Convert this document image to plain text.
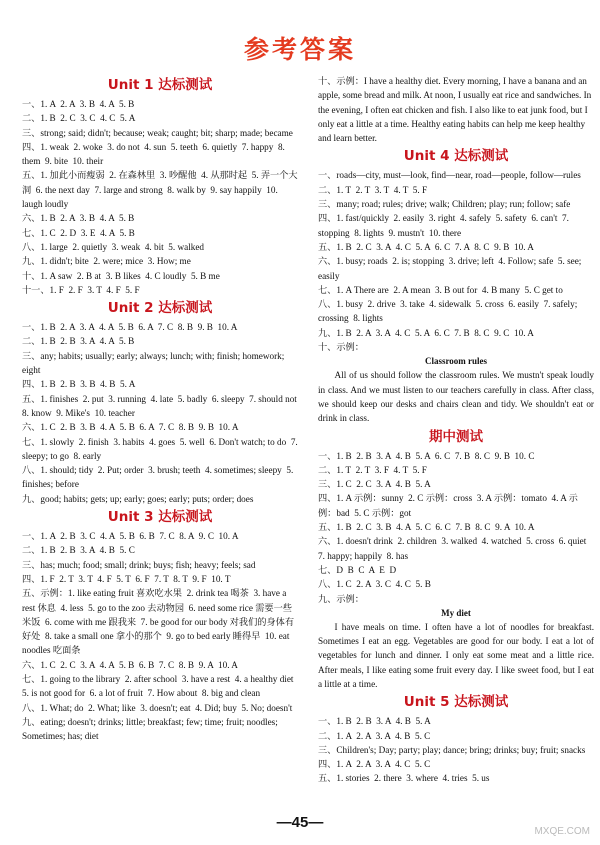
参考答案
Unit 1 达标测试
一、1. A  2. A  3. B  4. A  5. B
二、1. B  2. C  3. C  4. C  5. A
三、strong; said; didn't; because; weak; caught; bit; sharp; made; became
四、1. weak  2. woke  3. do not  4. sun  5. teeth  6. quietly  7. happy  8. them  9. bite  10. their
五、1. 加此小而瘦弱  2. 在森林里  3. 吵醒他  4. 从那时起  5. 弄一个大洞  6. the next day  7. large and strong  8. walk by  9. say happily  10. laugh loudly
六、1. B  2. A  3. B  4. A  5. B
七、1. C  2. D  3. E  4. A  5. B
八、1. large  2. quietly  3. weak  4. bit  5. walked
九、1. didn't; bite  2. were; mice  3. How; me
十、1. A saw  2. B at  3. B likes  4. C loudly  5. B me
十一、1. F  2. F  3. T  4. F  5. F
Unit 2 达标测试
一、1. B  2. A  3. A  4. A  5. B  6. A  7. C  8. B  9. B  10. A
二、1. B  2. B  3. A  4. A  5. B
三、any; habits; usually; early; always; lunch; with; finish; homework; eight
四、1. B  2. B  3. B  4. B  5. A
五、1. finishes  2. put  3. running  4. late  5. badly  6. sleepy  7. should not  8. know  9. Mike's  10. teacher
六、1. C  2. B  3. B  4. A  5. B  6. A  7. C  8. B  9. B  10. A
七、1. slowly  2. finish  3. habits  4. goes  5. well  6. Don't watch; to do  7. sleepy; to go  8. early
八、1. should; tidy  2. Put; order  3. brush; teeth  4. sometimes; sleepy  5. finishes; before
九、good; habits; gets; up; early; goes; early; puts; order; does
Unit 3 达标测试
一、1. A  2. B  3. C  4. A  5. B  6. B  7. C  8. A  9. C  10. A
二、1. B  2. B  3. A  4. B  5. C
三、has; much; food; small; drink; buys; fish; heavy; feels; sad
四、1. F  2. T  3. T  4. F  5. T  6. F  7. T  8. T  9. F  10. T
五、示例：1. like eating fruit 喜欢吃水果  2. drink tea 喝茶  3. have a rest 休息  4. less  5. go to the zoo 去动物园  6. need some rice 需要一些米饭  6. come with me 跟我来  7. be good for our body 对我们的身体有好处  8. take a small one 拿小的那个  9. go to bed early 睡得早  10. eat noodles 吃面条
六、1. C  2. C  3. A  4. A  5. B  6. B  7. C  8. B  9. A  10. A
七、1. going to the library  2. after school  3. have a rest  4. a healthy diet  5. is not good for  6. a lot of fruit  7. How about  8. big and clean
八、1. What; do  2. What; like  3. doesn't; eat  4. Did; buy  5. No; doesn't
九、eating; doesn't; drinks; little; breakfast; few; time; fruit; noodles; Sometimes; has; diet
十、示例：I have a healthy diet. Every morning, I have a banana and an apple, some bread and milk. At noon, I usually eat rice and sandwiches. In the evening, I often eat chicken and fish. I also like to eat junk food, but I only eat a little at a time. Healthy eating habits can help me keep healthy and learn better.
Unit 4 达标测试
一、roads—city, must—look, find—near, road—people, follow—rules
二、1. T  2. T  3. T  4. T  5. F
三、many; road; rules; drive; walk; Children; play; run; follow; safe
四、1. fast/quickly  2. easily  3. right  4. safely  5. safety  6. can't  7. stopping  8. lights  9. mustn't  10. there
五、1. B  2. C  3. A  4. C  5. A  6. C  7. A  8. C  9. B  10. A
六、1. busy; roads  2. is; stopping  3. drive; left  4. Follow; safe  5. see; easily
七、1. A There are  2. A mean  3. B out for  4. B many  5. C get to
八、1. busy  2. drive  3. take  4. sidewalk  5. cross  6. easily  7. safely; crossing  8. lights
九、1. B  2. A  3. A  4. C  5. A  6. C  7. B  8. C  9. C  10. A
十、示例：
Classroom rules
All of us should follow the classroom rules. We mustn't speak loudly in class. And we must listen to our teachers carefully in class. After class, we should keep our desks and chairs clean and tidy. We shouldn't eat or drink in class.
期中测试
一、1. B  2. B  3. A  4. B  5. A  6. C  7. B  8. C  9. B  10. C
二、1. T  2. T  3. F  4. T  5. F
三、1. C  2. C  3. A  4. B  5. A
四、1. A 示例：sunny  2. C 示例：cross  3. A 示例：tomato  4. A 示例：bad  5. C 示例：got
五、1. B  2. C  3. B  4. A  5. C  6. C  7. B  8. C  9. A  10. A
六、1. doesn't drink  2. children  3. walked  4. watched  5. cross  6. quiet  7. happy; happily  8. has
七、D  B  C  A  E  D
八、1. C  2. A  3. C  4. C  5. B
九、示例：
My diet
I have meals on time. I often have a lot of noodles for breakfast. Sometimes I eat an egg. Vegetables are good for our body. I eat a lot of vegetables for lunch and dinner. I only eat some meat and a little rice. After meals, I like eating some fruit every day. I like sweet food, but I eat a little at a time.
Unit 5 达标测试
一、1. B  2. B  3. A  4. B  5. A
二、1. A  2. A  3. A  4. B  5. C
三、Children's; Day; party; play; dance; bring; drinks; buy; fruit; snacks
四、1. A  2. A  3. A  4. C  5. C
五、1. stories  2. there  3. where  4. tries  5. us
—45—
MXQE.COM
